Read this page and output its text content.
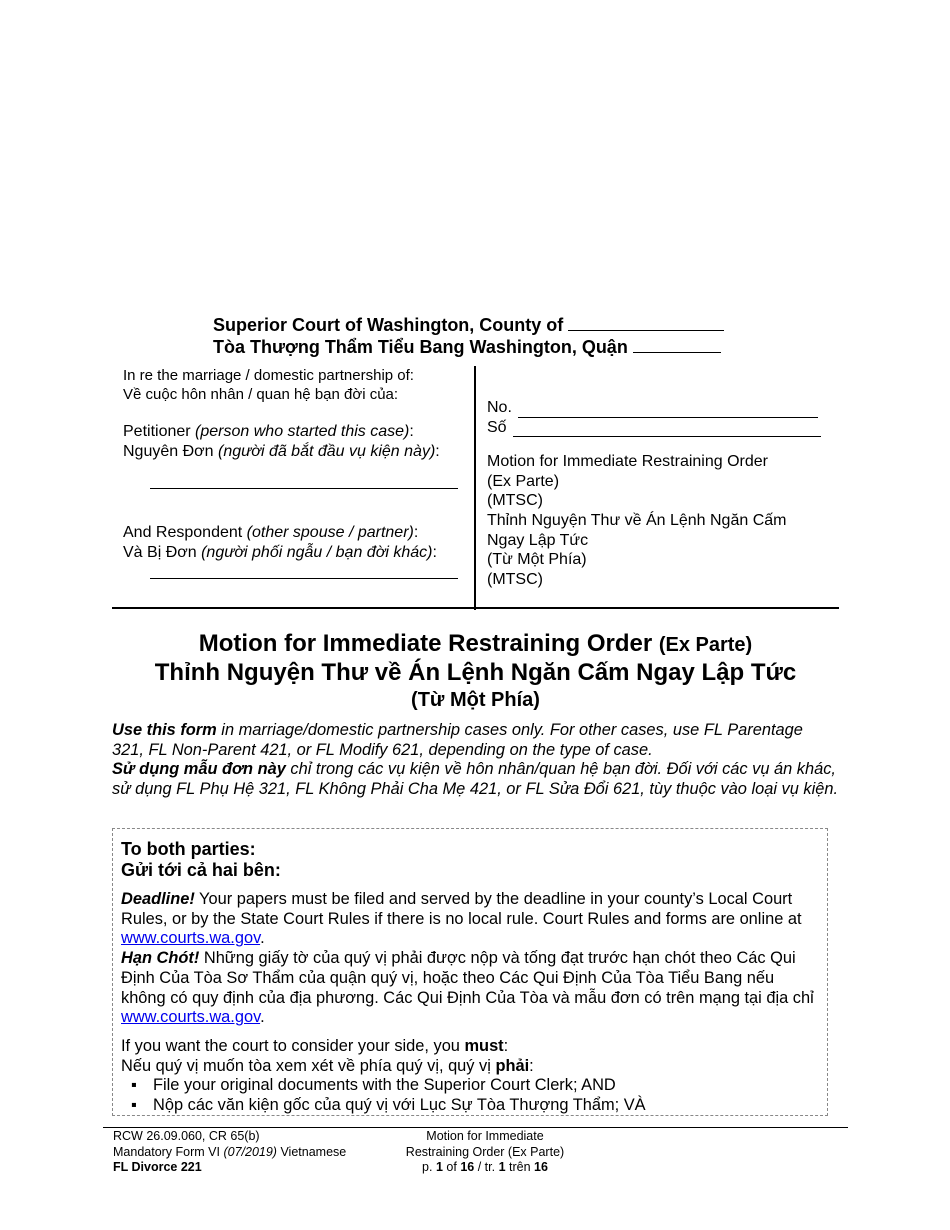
Superior Court of Washington, County of
Tòa Thượng Thẩm Tiểu Bang Washington, Quận
In re the marriage / domestic partnership of:
Về cuộc hôn nhân / quan hệ bạn đời của:
Petitioner (person who started this case):
Nguyên Đơn (người đã bắt đầu vụ kiện này):
And Respondent (other spouse / partner):
Và Bị Đơn (người phối ngẫu / bạn đời khác):
No.
Số
Motion for Immediate Restraining Order
(Ex Parte)
(MTSC)
Thỉnh Nguyện Thư về Án Lệnh Ngăn Cấm
Ngay Lập Tức
(Từ Một Phía)
(MTSC)
Motion for Immediate Restraining Order (Ex Parte)
Thỉnh Nguyện Thư về Án Lệnh Ngăn Cấm Ngay Lập Tức
(Từ Một Phía)
Use this form in marriage/domestic partnership cases only. For other cases, use FL Parentage 321, FL Non-Parent 421, or FL Modify 621, depending on the type of case.
Sử dụng mẫu đơn này chỉ trong các vụ kiện về hôn nhân/quan hệ bạn đời. Đối với các vụ án khác, sử dụng FL Phụ Hệ 321, FL Không Phải Cha Mẹ 421, or FL Sửa Đổi 621, tùy thuộc vào loại vụ kiện.

To both parties:

Gửi tới cả hai bên:

Deadline! Your papers must be filed and served by the deadline in your county’s Local Court Rules, or by the State Court Rules if there is no local rule. Court Rules and forms are online at www.courts.wa.gov.

Hạn Chót! Những giấy tờ của quý vị phải được nộp và tống đạt trước hạn chót theo Các Qui Định Của Tòa Sơ Thẩm của quận quý vị, hoặc theo Các Qui Định Của Tòa Tiểu Bang nếu không có quy định của địa phương. Các Qui Định Của Tòa và mẫu đơn có trên mạng tại địa chỉ www.courts.wa.gov.

If you want the court to consider your side, you must:

Nếu quý vị muốn tòa xem xét về phía quý vị, quý vị phải:

▪ File your original documents with the Superior Court Clerk; AND
▪ Nộp các văn kiện gốc của quý vị với Lục Sự Tòa Thượng Thẩm; VÀ
RCW 26.09.060, CR 65(b)
Mandatory Form VI (07/2019) Vietnamese
FL Divorce 221
Motion for Immediate
Restraining Order (Ex Parte)
p. 1 of 16 / tr. 1 trên 16
